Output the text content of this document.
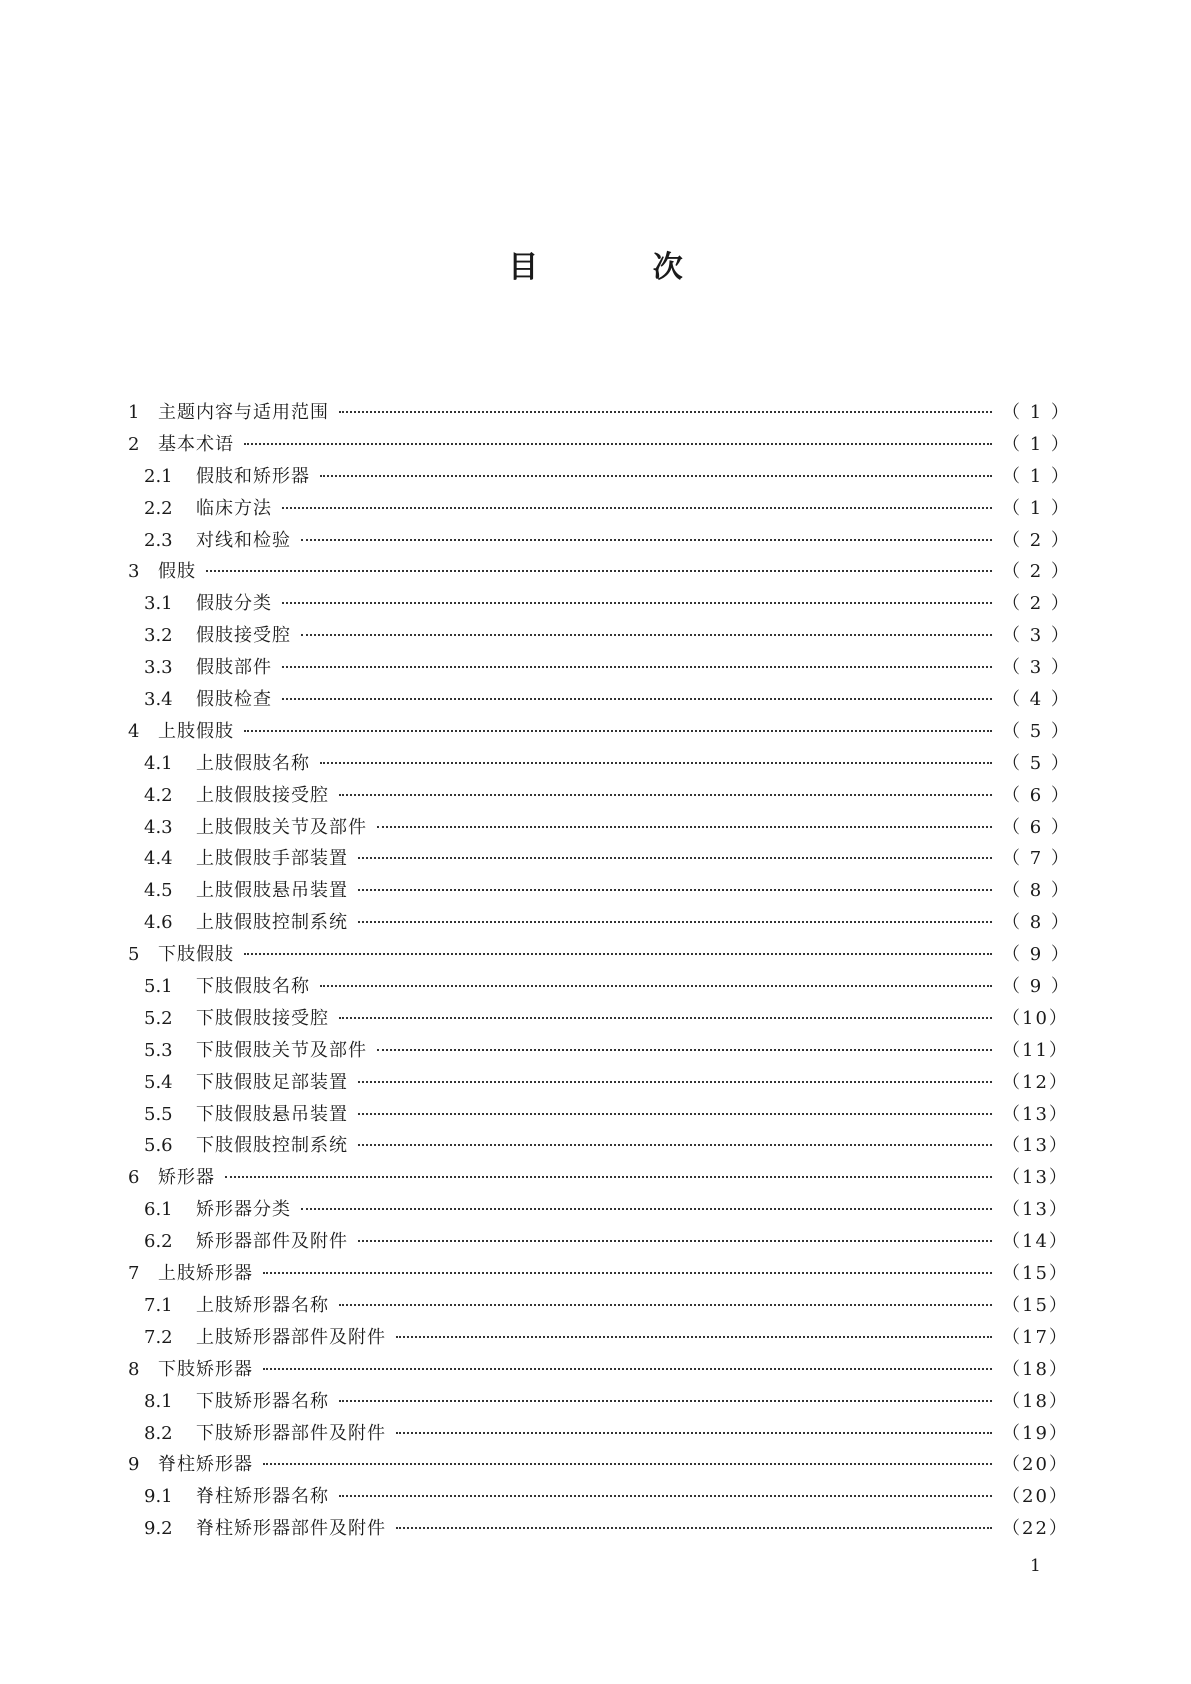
目	次
1	主题内容与适用范围	（ 1 ）
2	基本术语	（ 1 ）
2.1	假肢和矫形器	（ 1 ）
2.2	临床方法	（ 1 ）
2.3	对线和检验	（ 2 ）
3	假肢	（ 2 ）
3.1	假肢分类	（ 2 ）
3.2	假肢接受腔	（ 3 ）
3.3	假肢部件	（ 3 ）
3.4	假肢检查	（ 4 ）
4	上肢假肢	（ 5 ）
4.1	上肢假肢名称	（ 5 ）
4.2	上肢假肢接受腔	（ 6 ）
4.3	上肢假肢关节及部件	（ 6 ）
4.4	上肢假肢手部装置	（ 7 ）
4.5	上肢假肢悬吊装置	（ 8 ）
4.6	上肢假肢控制系统	（ 8 ）
5	下肢假肢	（ 9 ）
5.1	下肢假肢名称	（ 9 ）
5.2	下肢假肢接受腔	（10）
5.3	下肢假肢关节及部件	（11）
5.4	下肢假肢足部装置	（12）
5.5	下肢假肢悬吊装置	（13）
5.6	下肢假肢控制系统	（13）
6	矫形器	（13）
6.1	矫形器分类	（13）
6.2	矫形器部件及附件	（14）
7	上肢矫形器	（15）
7.1	上肢矫形器名称	（15）
7.2	上肢矫形器部件及附件	（17）
8	下肢矫形器	（18）
8.1	下肢矫形器名称	（18）
8.2	下肢矫形器部件及附件	（19）
9	脊柱矫形器	（20）
9.1	脊柱矫形器名称	（20）
9.2	脊柱矫形器部件及附件	（22）
1
